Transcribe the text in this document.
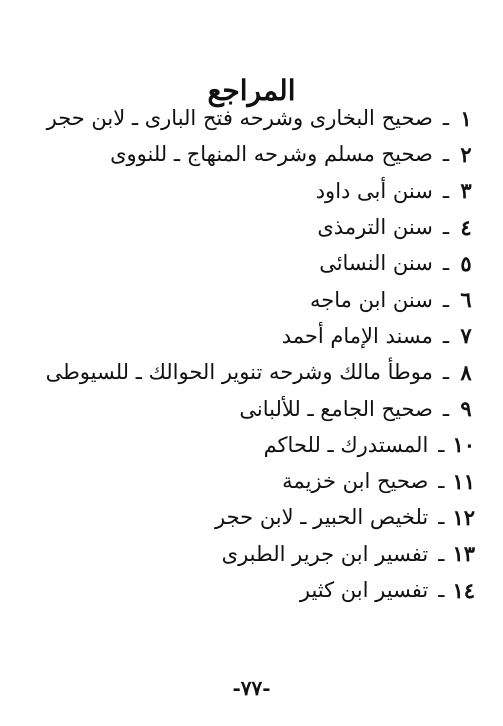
المراجع
١
ـ
صحيح البخارى وشرحه فتح البارى ـ لابن حجر
٢
ـ
صحيح مسلم وشرحه المنهاج ـ للنووى
٣
ـ
سنن أبى داود
٤
ـ
سنن الترمذى
٥
ـ
سنن النسائى
٦
ـ
سنن ابن ماجه
٧
ـ
مسند الإمام أحمد
٨
ـ
موطأ مالك وشرحه تنوير الحوالك ـ للسيوطى
٩
ـ
صحيح الجامع ـ للألبانى
١٠
ـ
المستدرك ـ للحاكم
١١
ـ
صحيح ابن خزيمة
١٢
ـ
تلخيص الحبير ـ لابن حجر
١٣
ـ
تفسير ابن جرير الطبرى
١٤
ـ
تفسير ابن كثير
-٧٧-
